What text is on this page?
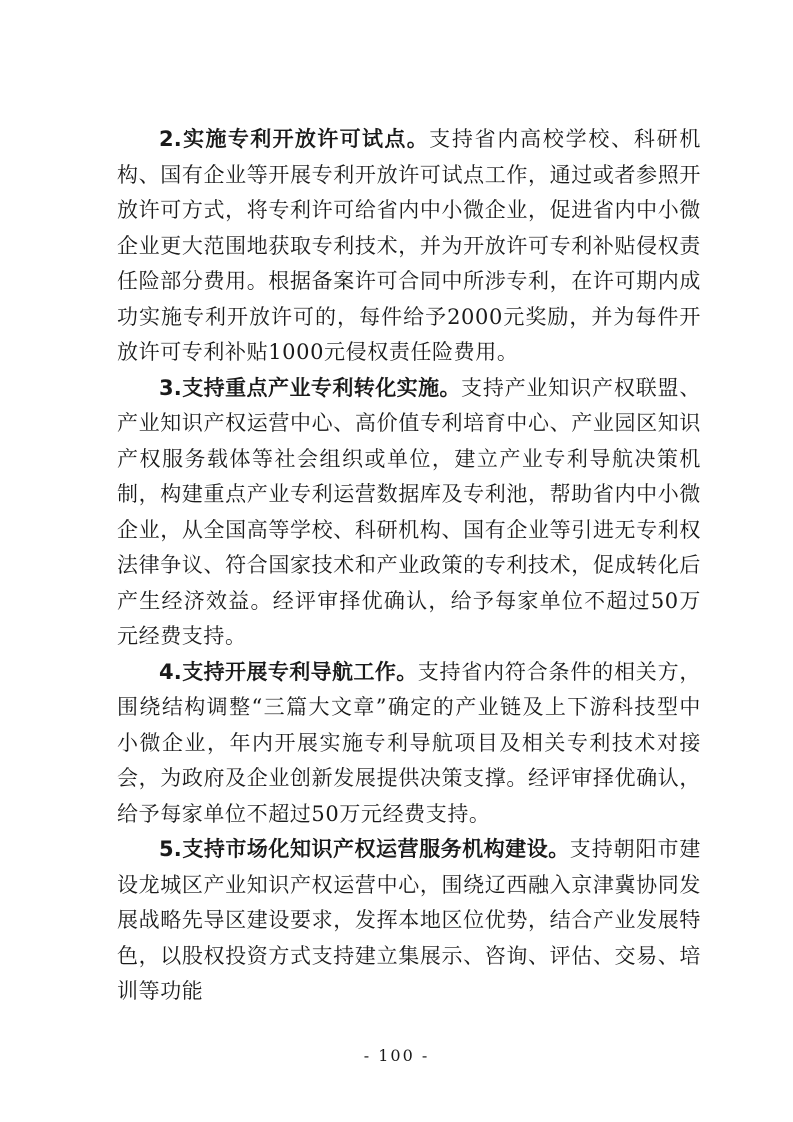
2.实施专利开放许可试点。支持省内高校学校、科研机构、国有企业等开展专利开放许可试点工作，通过或者参照开放许可方式，将专利许可给省内中小微企业，促进省内中小微企业更大范围地获取专利技术，并为开放许可专利补贴侵权责任险部分费用。根据备案许可合同中所涉专利，在许可期内成功实施专利开放许可的，每件给予2000元奖励，并为每件开放许可专利补贴1000元侵权责任险费用。

3.支持重点产业专利转化实施。支持产业知识产权联盟、产业知识产权运营中心、高价值专利培育中心、产业园区知识产权服务载体等社会组织或单位，建立产业专利导航决策机制，构建重点产业专利运营数据库及专利池，帮助省内中小微企业，从全国高等学校、科研机构、国有企业等引进无专利权法律争议、符合国家技术和产业政策的专利技术，促成转化后产生经济效益。经评审择优确认，给予每家单位不超过50万元经费支持。

4.支持开展专利导航工作。支持省内符合条件的相关方，围绕结构调整“三篇大文章”确定的产业链及上下游科技型中小微企业，年内开展实施专利导航项目及相关专利技术对接会，为政府及企业创新发展提供决策支撑。经评审择优确认，给予每家单位不超过50万元经费支持。

5.支持市场化知识产权运营服务机构建设。支持朝阳市建设龙城区产业知识产权运营中心，围绕辽西融入京津冀协同发展战略先导区建设要求，发挥本地区位优势，结合产业发展特色，以股权投资方式支持建立集展示、咨询、评估、交易、培训等功能

- 100 -
